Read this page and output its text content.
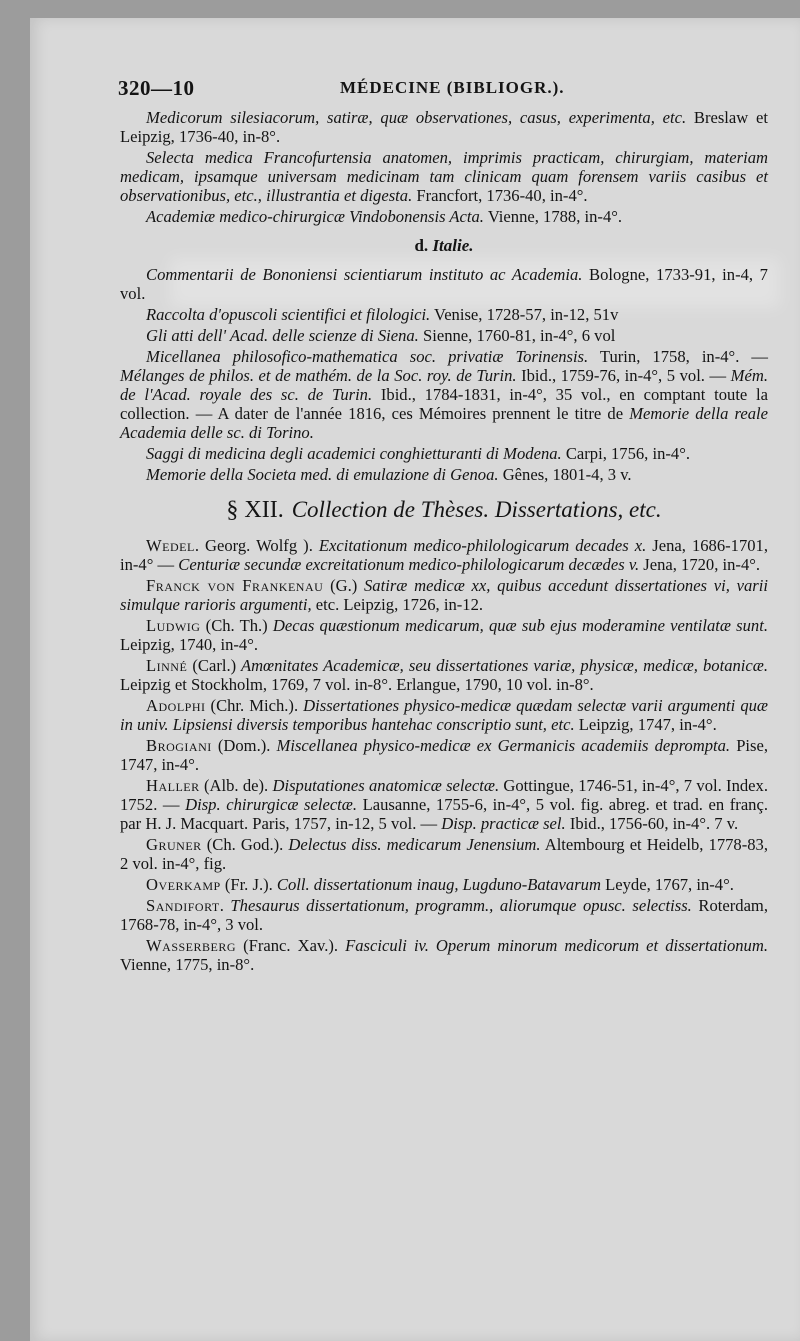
320—10	MÉDECINE (BIBLIOGR.).

Medicorum silesiacorum, satiræ, quæ observationes, casus, experimenta, etc. Breslaw et Leipzig, 1736-40, in-8°.

Selecta medica Francofurtensia anatomen, imprimis practicam, chirurgiam, materiam medicam, ipsamque universam medicinam tam clinicam quam forensem variis casibus et observationibus, etc., illustrantia et digesta. Francfort, 1736-40, in-4°.

Academiæ medico-chirurgicæ Vindobonensis Acta. Vienne, 1788, in-4°.

d. Italie.

Commentarii de Bononiensi scientiarum instituto ac Academia. Bologne, 1733-91, in-4, 7 vol.

Raccolta d'opuscoli scientifici et filologici. Venise, 1728-57, in-12, 51v

Gli atti dell' Acad. delle scienze di Siena. Sienne, 1760-81, in-4°, 6 vol

Micellanea philosofico-mathematica soc. privatiæ Torinensis. Turin, 1758, in-4°. — Mélanges de philos. et de mathém. de la Soc. roy. de Turin. Ibid., 1759-76, in-4°, 5 vol. — Mém. de l'Acad. royale des sc. de Turin. Ibid., 1784-1831, in-4°, 35 vol., en comptant toute la collection. — A dater de l'année 1816, ces Mémoires prennent le titre de Memorie della reale Academia delle sc. di Torino.

Saggi di medicina degli academici conghietturanti di Modena. Carpi, 1756, in-4°.

Memorie della Societa med. di emulazione di Genoa. Gênes, 1801-4, 3 v.

§ XII. Collection de Thèses. Dissertations, etc.

Wedel. Georg. Wolfg ). Excitationum medico-philologicarum decades x. Jena, 1686-1701, in-4° — Centuriæ secundæ excreitationum medico-philologicarum decædes v. Jena, 1720, in-4°.

Franck von Frankenau (G.) Satiræ medicæ xx, quibus accedunt dissertationes vi, varii simulque rarioris argumenti, etc. Leipzig, 1726, in-12.

Ludwig (Ch. Th.) Decas quæstionum medicarum, quæ sub ejus moderamine ventilatæ sunt. Leipzig, 1740, in-4°.

Linné (Carl.) Amœnitates Academicæ, seu dissertationes variæ, physicæ, medicæ, botanicæ. Leipzig et Stockholm, 1769, 7 vol. in-8°. Erlangue, 1790, 10 vol. in-8°.

Adolphi (Chr. Mich.). Dissertationes physico-medicæ quædam selectæ varii argumenti quæ in univ. Lipsiensi diversis temporibus hantehac conscriptio sunt, etc. Leipzig, 1747, in-4°.

Brogiani (Dom.). Miscellanea physico-medicæ ex Germanicis academiis deprompta. Pise, 1747, in-4°.

Haller (Alb. de). Disputationes anatomicæ selectæ. Gottingue, 1746-51, in-4°, 7 vol. Index. 1752. — Disp. chirurgicæ selectæ. Lausanne, 1755-6, in-4°, 5 vol. fig. abreg. et trad. en franç. par H. J. Macquart. Paris, 1757, in-12, 5 vol. — Disp. practicæ sel. Ibid., 1756-60, in-4°. 7 v.

Gruner (Ch. God.). Delectus diss. medicarum Jenensium. Altembourg et Heidelb, 1778-83, 2 vol. in-4°, fig.

Overkamp (Fr. J.). Coll. dissertationum inaug, Lugduno-Batavarum Leyde, 1767, in-4°.

Sandifort. Thesaurus dissertationum, programm., aliorumque opusc. selectiss. Roterdam, 1768-78, in-4°, 3 vol.

Wasserberg (Franc. Xav.). Fasciculi iv. Operum minorum medicorum et dissertationum. Vienne, 1775, in-8°.
